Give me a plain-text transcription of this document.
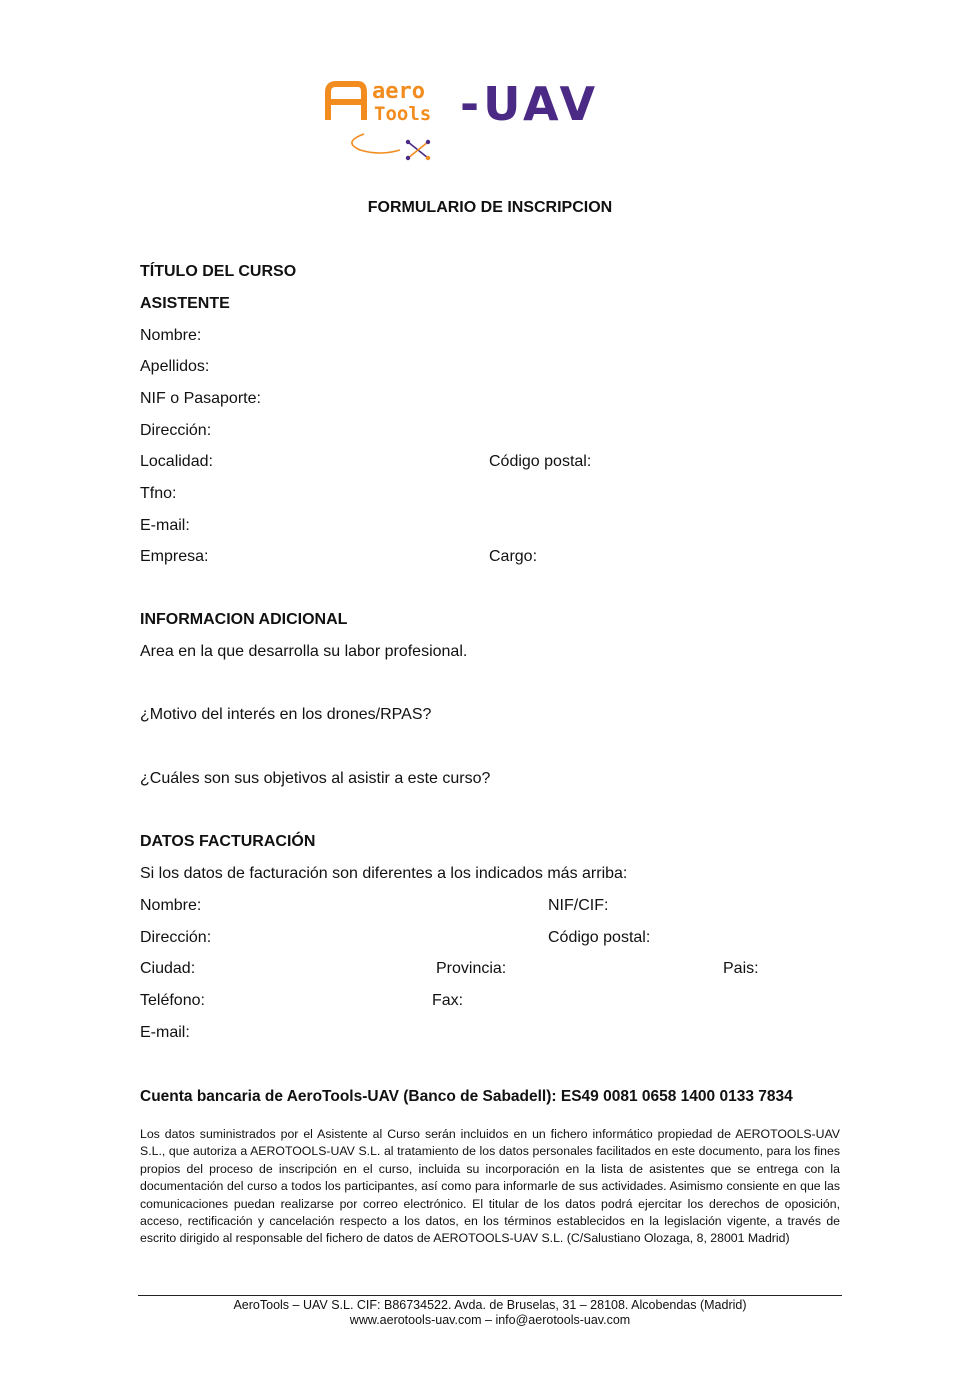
aero
Tools -UAV
FORMULARIO DE INSCRIPCION
TÍTULO DEL CURSO
ASISTENTE
Nombre:
Apellidos:
NIF o Pasaporte:
Dirección:
Localidad:	Código postal:
Tfno:
E-mail:
Empresa:	Cargo:
INFORMACION ADICIONAL
Area en la que desarrolla su labor profesional.
¿Motivo del interés en los drones/RPAS?
¿Cuáles son sus objetivos al asistir a este curso?
DATOS FACTURACIÓN
Si los datos de facturación son diferentes a los indicados más arriba:
Nombre:	NIF/CIF:
Dirección:	Código postal:
Ciudad:	Provincia:	Pais:
Teléfono:	Fax:
E-mail:
Cuenta bancaria de AeroTools-UAV (Banco de Sabadell): ES49 0081 0658 1400 0133 7834

Los datos suministrados por el Asistente al Curso serán incluidos en un fichero informático propiedad de AEROTOOLS-UAV S.L., que autoriza a AEROTOOLS-UAV S.L. al tratamiento de los datos personales facilitados en este documento, para los fines propios del proceso de inscripción en el curso, incluida su incorporación en la lista de asistentes que se entrega con la documentación del curso a todos los participantes, así como para informarle de sus actividades. Asimismo consiente en que las comunicaciones puedan realizarse por correo electrónico. El titular de los datos podrá ejercitar los derechos de oposición, acceso, rectificación y cancelación respecto a los datos, en los términos establecidos en la legislación vigente, a través de escrito dirigido al responsable del fichero de datos de AEROTOOLS-UAV S.L. (C/Salustiano Olozaga, 8, 28001 Madrid)

AeroTools – UAV S.L. CIF: B86734522. Avda. de Bruselas, 31 – 28108. Alcobendas (Madrid)
www.aerotools-uav.com – info@aerotools-uav.com
